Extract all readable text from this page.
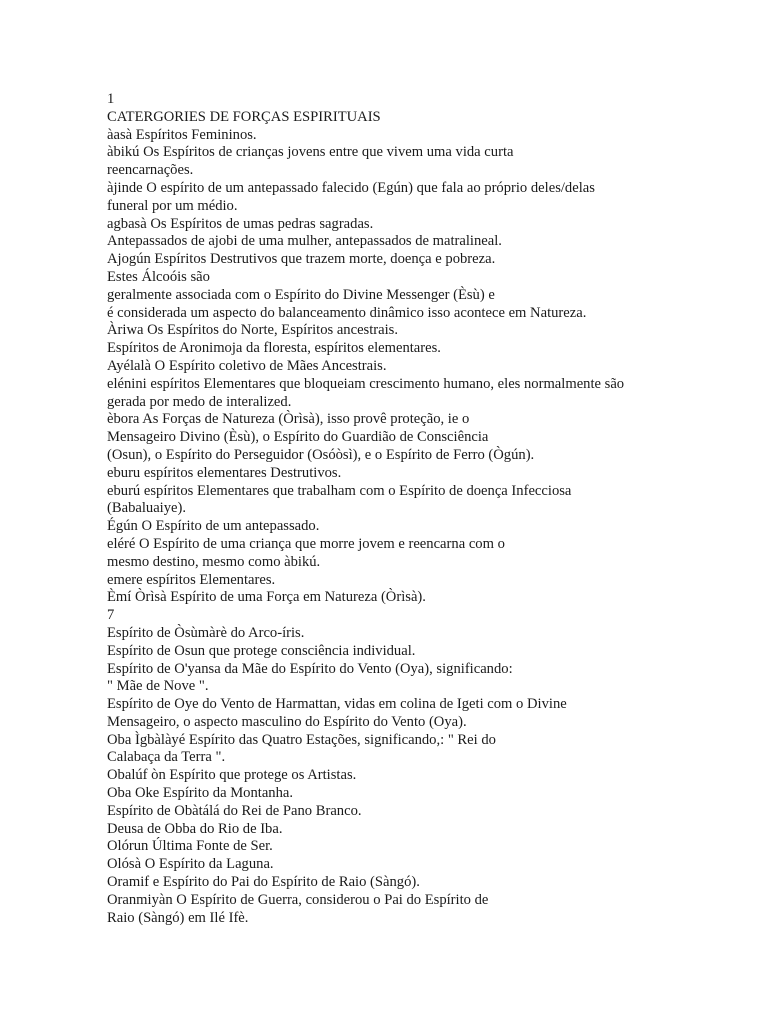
1

CATERGORIES DE FORÇAS ESPIRITUAIS

àasà Espíritos Femininos.

àbikú Os Espíritos de crianças jovens entre que vivem uma vida curta

reencarnações.

àjinde O espírito de um antepassado falecido (Egún) que fala ao próprio deles/delas

funeral por um médio.

agbasà Os Espíritos de umas pedras sagradas.

Antepassados de ajobi de uma mulher, antepassados de matralineal.

Ajogún Espíritos Destrutivos que trazem morte, doença e pobreza.

Estes Álcoóis são

geralmente associada com o Espírito do Divine Messenger (Èsù) e

é considerada um aspecto do balanceamento dinâmico isso acontece em Natureza.

Àriwa Os Espíritos do Norte, Espíritos ancestrais.

Espíritos de Aronimoja da floresta, espíritos elementares.

Ayélalà O Espírito coletivo de Mães Ancestrais.

elénini espíritos Elementares que bloqueiam crescimento humano, eles normalmente são

gerada por medo de interalized.

èbora As Forças de Natureza (Òrìsà), isso provê proteção, ie o

Mensageiro Divino (Èsù), o Espírito do Guardião de Consciência

(Osun), o Espírito do Perseguidor (Osóòsì), e o Espírito de Ferro (Ògún).

eburu espíritos elementares Destrutivos.

eburú espíritos Elementares que trabalham com o Espírito de doença Infecciosa

(Babaluaiye).

Égún O Espírito de um antepassado.

eléré O Espírito de uma criança que morre jovem e reencarna com o

mesmo destino, mesmo como àbikú.

emere espíritos Elementares.

Èmí Òrìsà Espírito de uma Força em Natureza (Òrìsà).

7

Espírito de Òsùmàrè do Arco-íris.

Espírito de Osun que protege consciência individual.

Espírito de O'yansa da Mãe do Espírito do Vento (Oya), significando:

" Mãe de Nove ".

Espírito de Oye do Vento de Harmattan, vidas em colina de Igeti com o Divine

Mensageiro, o aspecto masculino do Espírito do Vento (Oya).

Oba Ìgbàlàyé Espírito das Quatro Estações, significando,: " Rei do

Calabaça da Terra ".

Obalúf òn Espírito que protege os Artistas.

Oba Oke Espírito da Montanha.

Espírito de Obàtálá do Rei de Pano Branco.

Deusa de Obba do Rio de Iba.

Olórun Última Fonte de Ser.

Olósà O Espírito da Laguna.

Oramif e Espírito do Pai do Espírito de Raio (Sàngó).

Oranmiyàn O Espírito de Guerra, considerou o Pai do Espírito de

Raio (Sàngó) em Ilé Ifè.
